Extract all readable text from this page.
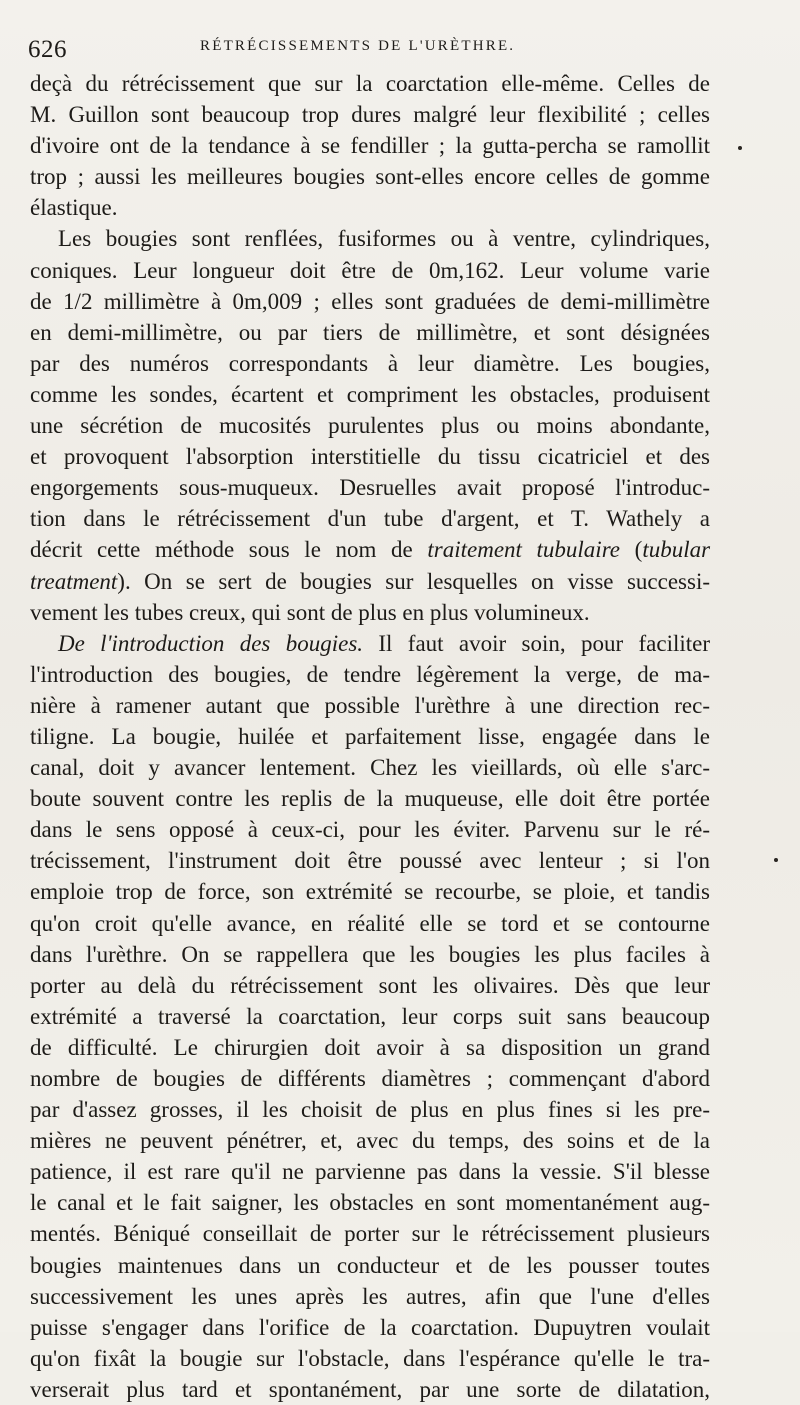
626	RÉTRÉCISSEMENTS DE L'URÈTHRE.
deçà du rétrécissement que sur la coarctation elle-même. Celles de
M. Guillon sont beaucoup trop dures malgré leur flexibilité ; celles
d'ivoire ont de la tendance à se fendiller ; la gutta-percha se ramollit
trop ; aussi les meilleures bougies sont-elles encore celles de gomme
élastique.
Les bougies sont renflées, fusiformes ou à ventre, cylindriques,
coniques. Leur longueur doit être de 0m,162. Leur volume varie
de 1/2 millimètre à 0m,009 ; elles sont graduées de demi-millimètre
en demi-millimètre, ou par tiers de millimètre, et sont désignées
par des numéros correspondants à leur diamètre. Les bougies,
comme les sondes, écartent et compriment les obstacles, produisent
une sécrétion de mucosités purulentes plus ou moins abondante,
et provoquent l'absorption interstitielle du tissu cicatriciel et des
engorgements sous-muqueux. Desruelles avait proposé l'introduc-
tion dans le rétrécissement d'un tube d'argent, et T. Wathely a
décrit cette méthode sous le nom de traitement tubulaire (tubular
treatment). On se sert de bougies sur lesquelles on visse successi-
vement les tubes creux, qui sont de plus en plus volumineux.
De l'introduction des bougies. Il faut avoir soin, pour faciliter
l'introduction des bougies, de tendre légèrement la verge, de ma-
nière à ramener autant que possible l'urèthre à une direction rec-
tiligne. La bougie, huilée et parfaitement lisse, engagée dans le
canal, doit y avancer lentement. Chez les vieillards, où elle s'arc-
boute souvent contre les replis de la muqueuse, elle doit être portée
dans le sens opposé à ceux-ci, pour les éviter. Parvenu sur le ré-
trécissement, l'instrument doit être poussé avec lenteur ; si l'on
emploie trop de force, son extrémité se recourbe, se ploie, et tandis
qu'on croit qu'elle avance, en réalité elle se tord et se contourne
dans l'urèthre. On se rappellera que les bougies les plus faciles à
porter au delà du rétrécissement sont les olivaires. Dès que leur
extrémité a traversé la coarctation, leur corps suit sans beaucoup
de difficulté. Le chirurgien doit avoir à sa disposition un grand
nombre de bougies de différents diamètres ; commençant d'abord
par d'assez grosses, il les choisit de plus en plus fines si les pre-
mières ne peuvent pénétrer, et, avec du temps, des soins et de la
patience, il est rare qu'il ne parvienne pas dans la vessie. S'il blesse
le canal et le fait saigner, les obstacles en sont momentanément aug-
mentés. Béniqué conseillait de porter sur le rétrécissement plusieurs
bougies maintenues dans un conducteur et de les pousser toutes
successivement les unes après les autres, afin que l'une d'elles
puisse s'engager dans l'orifice de la coarctation. Dupuytren voulait
qu'on fixât la bougie sur l'obstacle, dans l'espérance qu'elle le tra-
verserait plus tard et spontanément, par une sorte de dilatation,
